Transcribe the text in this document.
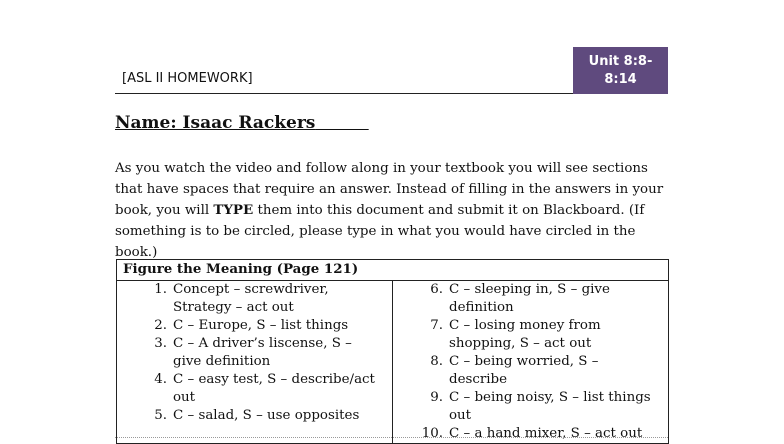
[ASL II HOMEWORK]
Unit 8:8-8:14
Name: Isaac Rackers
As you watch the video and follow along in your textbook you will see sections that have spaces that require an answer. Instead of filling in the answers in your book, you will TYPE them into this document and submit it on Blackboard. (If something is to be circled, please type in what you would have circled in the book.)
Figure the Meaning (Page 121)

1. Concept – screwdriver, Strategy – act out
2. C – Europe, S – list things
3. C – A driver’s liscense, S – give definition
4. C – easy test, S – describe/act out
5. C – salad, S – use opposites

6. C – sleeping in, S – give definition
7. C – losing money from shopping, S – act out
8. C – being worried, S – describe
9. C – being noisy, S – list things out
10. C – a hand mixer, S – act out
